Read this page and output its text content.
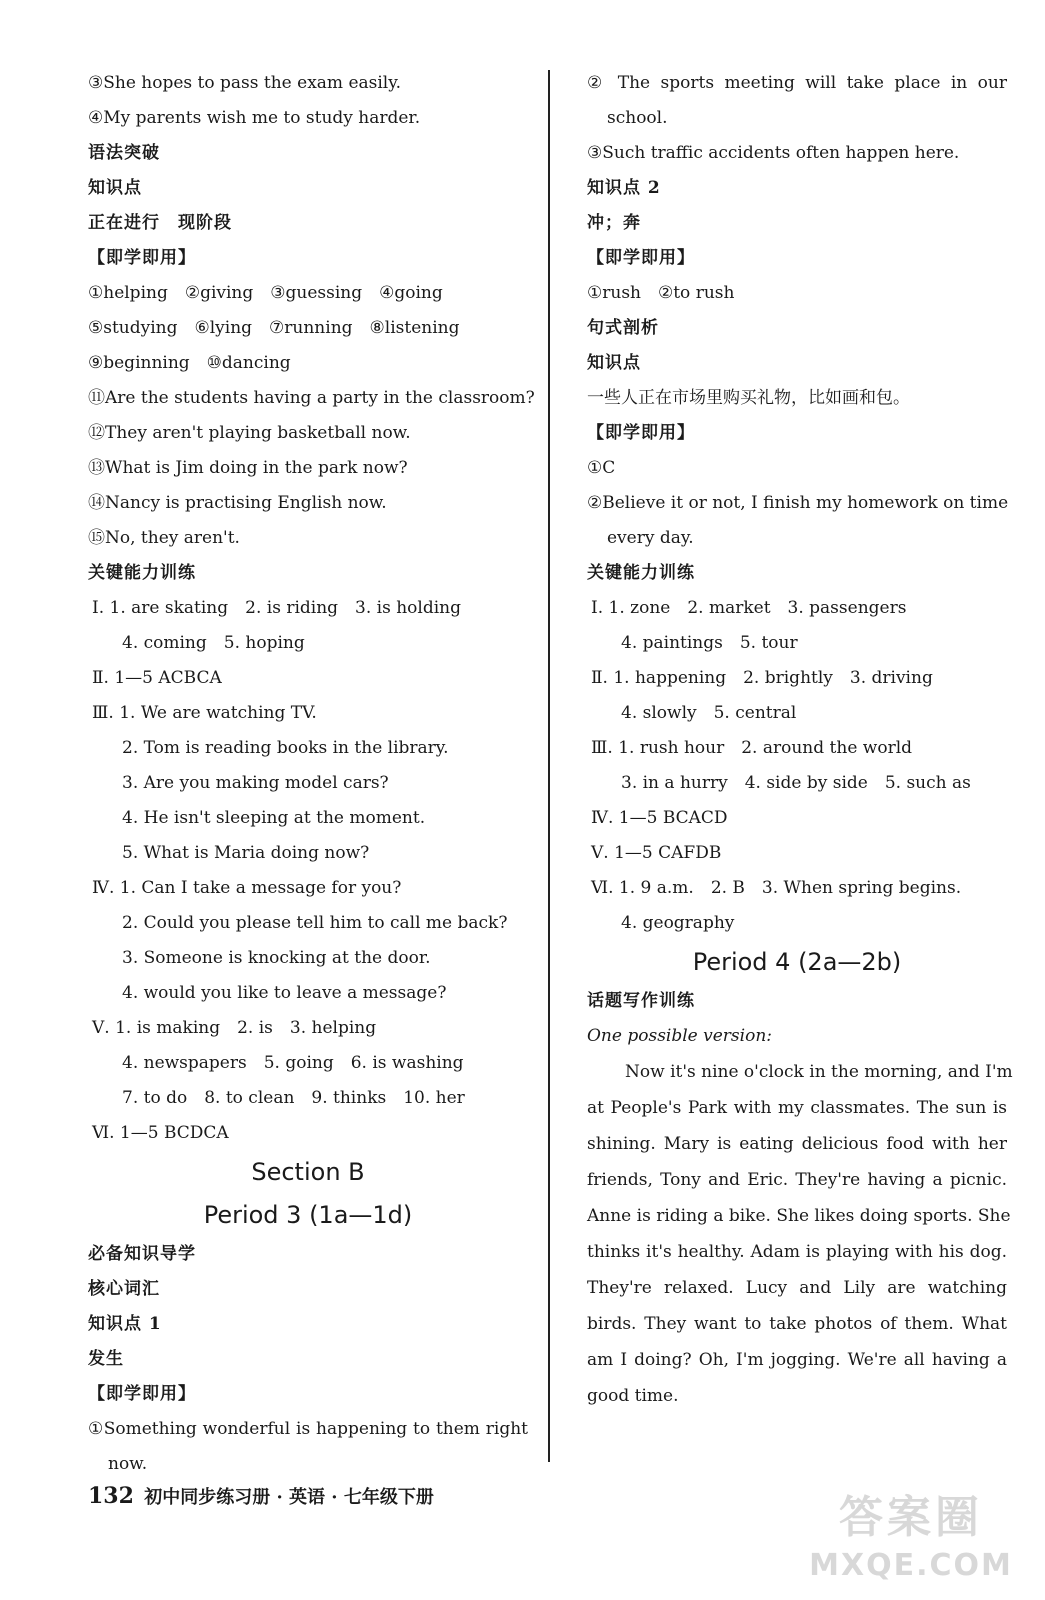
③She hopes to pass the exam easily.
④My parents wish me to study harder.
语法突破
知识点
正在进行　现阶段
【即学即用】
①helping　②giving　③guessing　④going
⑤studying　⑥lying　⑦running　⑧listening
⑨beginning　⑩dancing
⑪Are the students having a party in the classroom?
⑫They aren't playing basketball now.
⑬What is Jim doing in the park now?
⑭Nancy is practising English now.
⑮No, they aren't.
关键能力训练
Ⅰ. 1. are skating　2. is riding　3. is holding
4. coming　5. hoping
Ⅱ. 1—5 ACBCA
Ⅲ. 1. We are watching TV.
2. Tom is reading books in the library.
3. Are you making model cars?
4. He isn't sleeping at the moment.
5. What is Maria doing now?
Ⅳ. 1. Can I take a message for you?
2. Could you please tell him to call me back?
3. Someone is knocking at the door.
4. would you like to leave a message?
Ⅴ. 1. is making　2. is　3. helping
4. newspapers　5. going　6. is washing
7. to do　8. to clean　9. thinks　10. her
Ⅵ. 1—5 BCDCA
Section B
Period 3 (1a—1d)
必备知识导学
核心词汇
知识点 1
发生
【即学即用】
①Something wonderful is happening to them right
now.
② The sports meeting will take place in our
school.
③Such traffic accidents often happen here.
知识点 2
冲；奔
【即学即用】
①rush　②to rush
句式剖析
知识点
一些人正在市场里购买礼物，比如画和包。
【即学即用】
①C
②Believe it or not, I finish my homework on time
every day.
关键能力训练
Ⅰ. 1. zone　2. market　3. passengers
4. paintings　5. tour
Ⅱ. 1. happening　2. brightly　3. driving
4. slowly　5. central
Ⅲ. 1. rush hour　2. around the world
3. in a hurry　4. side by side　5. such as
Ⅳ. 1—5 BCACD
Ⅴ. 1—5 CAFDB
Ⅵ. 1. 9 a.m.　2. B　3. When spring begins.
4. geography
Period 4 (2a—2b)
话题写作训练
One possible version:
Now it's nine o'clock in the morning, and I'm
at People's Park with my classmates. The sun is
shining. Mary is eating delicious food with her
friends, Tony and Eric. They're having a picnic.
Anne is riding a bike. She likes doing sports. She
thinks it's healthy. Adam is playing with his dog.
They're relaxed. Lucy and Lily are watching
birds. They want to take photos of them. What
am I doing? Oh, I'm jogging. We're all having a
good time.
132 初中同步练习册 · 英语 · 七年级下册	答案圈
MXQE.COM
